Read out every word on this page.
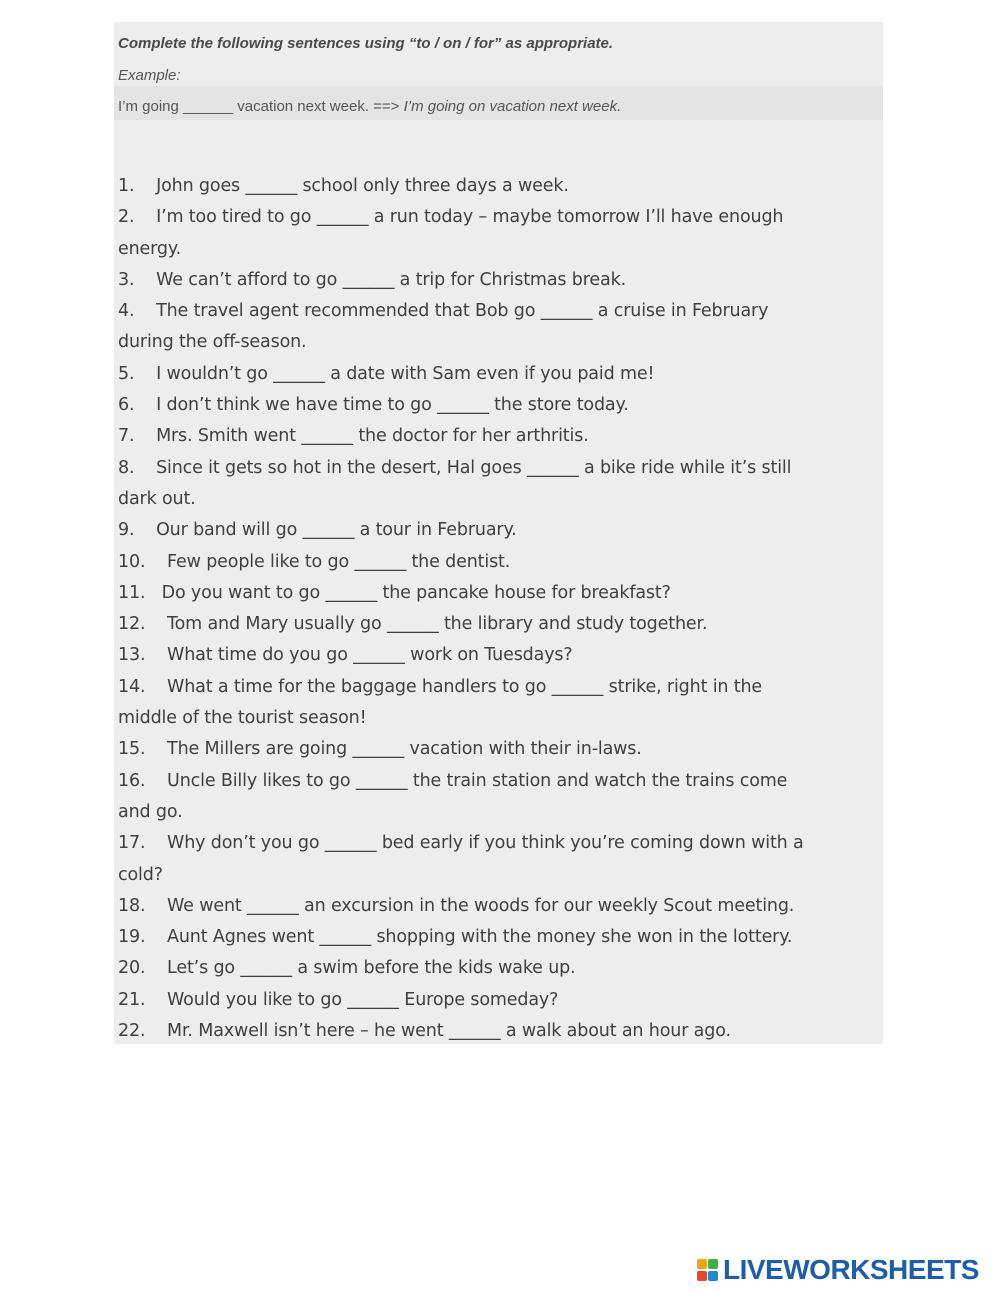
Complete the following sentences using “to / on / for” as appropriate.
Example:
I’m going ______ vacation next week. ==> I’m going on vacation next week.
1. John goes ______ school only three days a week.
2. I’m too tired to go ______ a run today – maybe tomorrow I’ll have enough
energy.
3. We can’t afford to go ______ a trip for Christmas break.
4. The travel agent recommended that Bob go ______ a cruise in February
during the off-season.
5. I wouldn’t go ______ a date with Sam even if you paid me!
6. I don’t think we have time to go ______ the store today.
7. Mrs. Smith went ______ the doctor for her arthritis.
8. Since it gets so hot in the desert, Hal goes ______ a bike ride while it’s still
dark out.
9. Our band will go ______ a tour in February.
10. Few people like to go ______ the dentist.
11. Do you want to go ______ the pancake house for breakfast?
12. Tom and Mary usually go ______ the library and study together.
13. What time do you go ______ work on Tuesdays?
14. What a time for the baggage handlers to go ______ strike, right in the
middle of the tourist season!
15. The Millers are going ______ vacation with their in-laws.
16. Uncle Billy likes to go ______ the train station and watch the trains come
and go.
17. Why don’t you go ______ bed early if you think you’re coming down with a
cold?
18. We went ______ an excursion in the woods for our weekly Scout meeting.
19. Aunt Agnes went ______ shopping with the money she won in the lottery.
20. Let’s go ______ a swim before the kids wake up.
21. Would you like to go ______ Europe someday?
22. Mr. Maxwell isn’t here – he went ______ a walk about an hour ago.
LIVEWORKSHEETS
